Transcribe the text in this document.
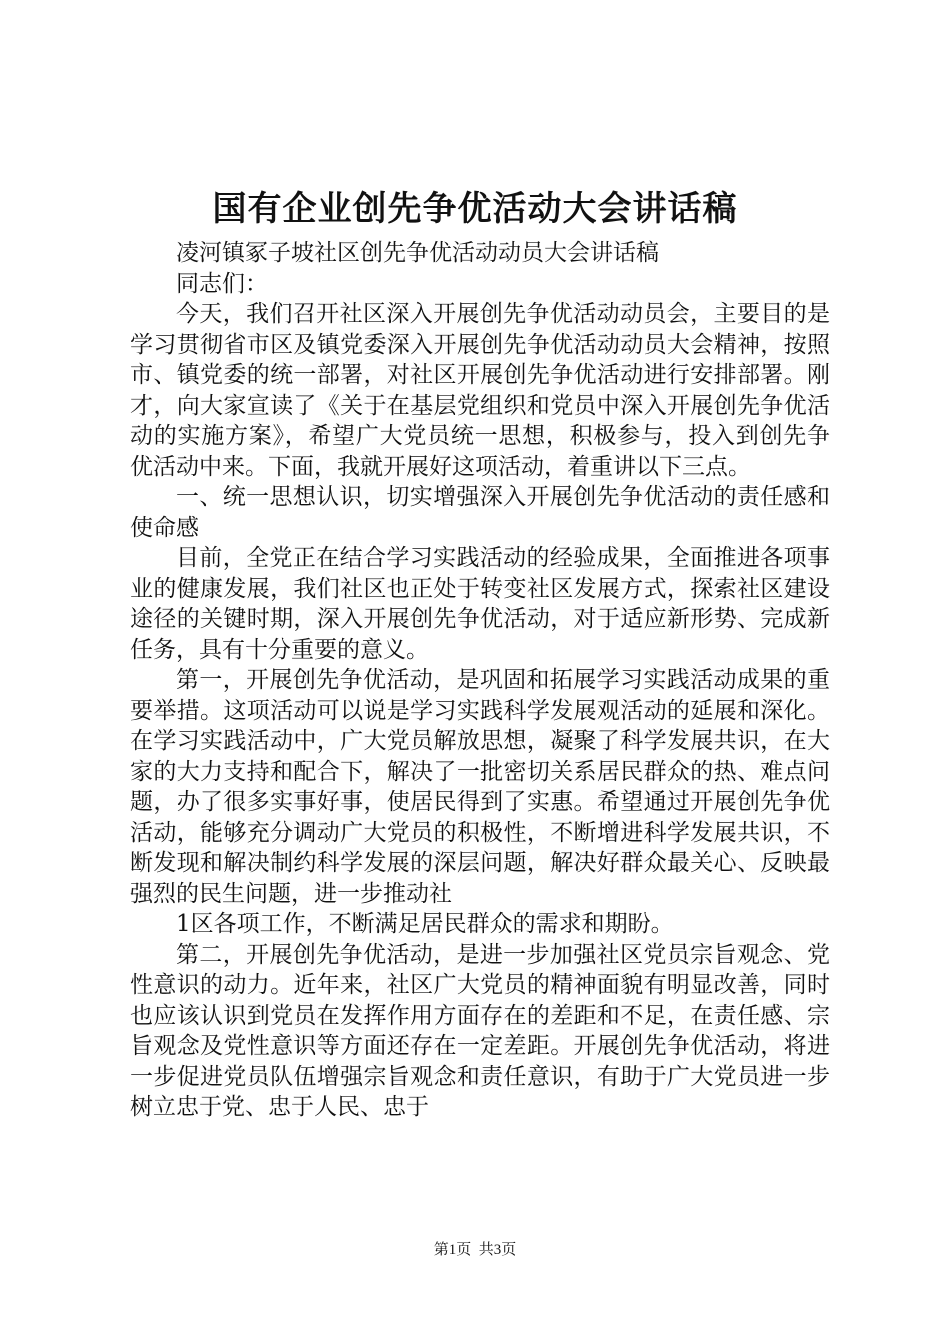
国有企业创先争优活动大会讲话稿

凌河镇冢子坡社区创先争优活动动员大会讲话稿

同志们：

今天，我们召开社区深入开展创先争优活动动员会，主要目的是学习贯彻省市区及镇党委深入开展创先争优活动动员大会精神，按照市、镇党委的统一部署，对社区开展创先争优活动进行安排部署。刚才，向大家宣读了《关于在基层党组织和党员中深入开展创先争优活动的实施方案》，希望广大党员统一思想，积极参与，投入到创先争优活动中来。下面，我就开展好这项活动，着重讲以下三点。

一、统一思想认识，切实增强深入开展创先争优活动的责任感和使命感

目前，全党正在结合学习实践活动的经验成果，全面推进各项事业的健康发展，我们社区也正处于转变社区发展方式，探索社区建设途径的关键时期，深入开展创先争优活动，对于适应新形势、完成新任务，具有十分重要的意义。

第一，开展创先争优活动，是巩固和拓展学习实践活动成果的重要举措。这项活动可以说是学习实践科学发展观活动的延展和深化。在学习实践活动中，广大党员解放思想，凝聚了科学发展共识，在大家的大力支持和配合下，解决了一批密切关系居民群众的热、难点问题，办了很多实事好事，使居民得到了实惠。希望通过开展创先争优活动，能够充分调动广大党员的积极性，不断增进科学发展共识，不断发现和解决制约科学发展的深层问题，解决好群众最关心、反映最强烈的民生问题，进一步推动社

1区各项工作，不断满足居民群众的需求和期盼。

第二，开展创先争优活动，是进一步加强社区党员宗旨观念、党性意识的动力。近年来，社区广大党员的精神面貌有明显改善，同时也应该认识到党员在发挥作用方面存在的差距和不足，在责任感、宗旨观念及党性意识等方面还存在一定差距。开展创先争优活动，将进一步促进党员队伍增强宗旨观念和责任意识，有助于广大党员进一步树立忠于党、忠于人民、忠于

第1页 共3页
